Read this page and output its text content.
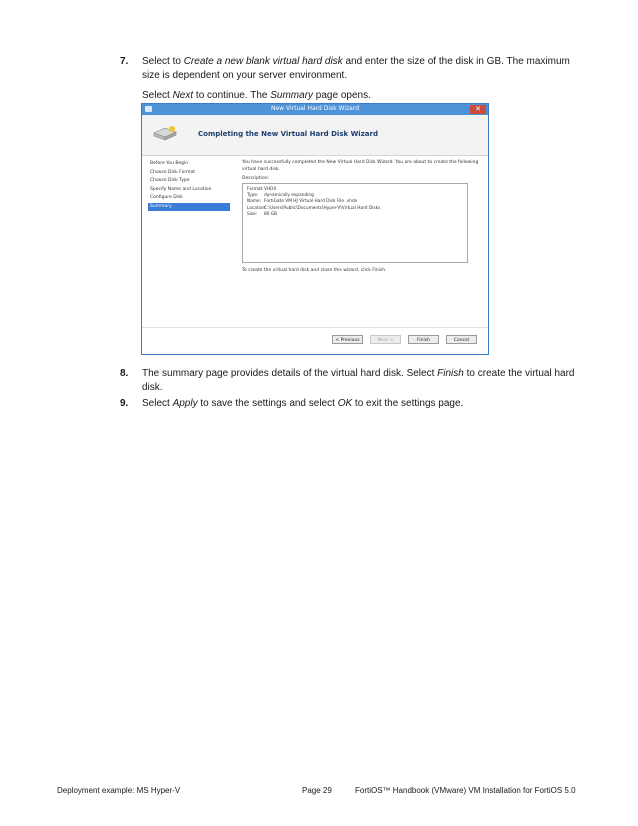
7. Select to Create a new blank virtual hard disk and enter the size of the disk in GB. The maximum size is dependent on your server environment.

Select Next to continue. The Summary page opens.

New Virtual Hard Disk Wizard	✕
Completing the New Virtual Hard Disk Wizard
Before You Begin
Choose Disk Format
Choose Disk Type
Specify Name and Location
Configure Disk
Summary
You have successfully completed the New Virtual Hard Disk Wizard. You are about to create the following virtual hard disk.
Description:
Format:VHDX
Type: dynamically expanding
Name: FortiGate VM HJ Virtual Hard Disk File .vhdx
Location:C:\Users\Public\Documents\Hyper-V\Virtual Hard Disks
Size: 80 GB
To create the virtual hard disk and close this wizard, click Finish.
< Previous	Next >	Finish	Cancel
8. The summary page provides details of the virtual hard disk. Select Finish to create the virtual hard disk.

9. Select Apply to save the settings and select OK to exit the settings page.

Deployment example: MS Hyper-V	Page 29	FortiOS™ Handbook (VMware) VM Installation for FortiOS 5.0
